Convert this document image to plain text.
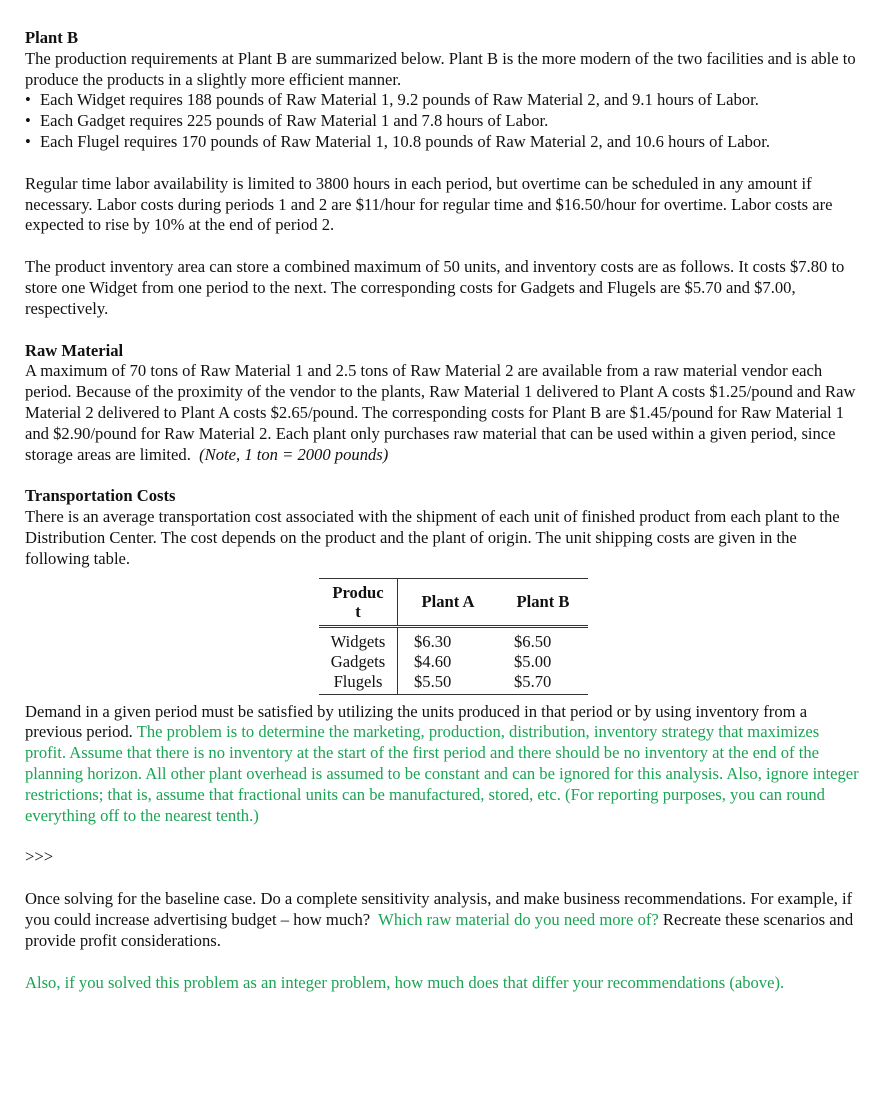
Plant B

The production requirements at Plant B are summarized below. Plant B is the more modern of the two facilities and is able to produce the products in a slightly more efficient manner.

• Each Widget requires 188 pounds of Raw Material 1, 9.2 pounds of Raw Material 2, and 9.1 hours of Labor.
• Each Gadget requires 225 pounds of Raw Material 1 and 7.8 hours of Labor.
• Each Flugel requires 170 pounds of Raw Material 1, 10.8 pounds of Raw Material 2, and 10.6 hours of Labor.

Regular time labor availability is limited to 3800 hours in each period, but overtime can be scheduled in any amount if necessary. Labor costs during periods 1 and 2 are $11/hour for regular time and $16.50/hour for overtime. Labor costs are expected to rise by 10% at the end of period 2.

The product inventory area can store a combined maximum of 50 units, and inventory costs are as follows. It costs $7.80 to store one Widget from one period to the next. The corresponding costs for Gadgets and Flugels are $5.70 and $7.00, respectively.

Raw Material

A maximum of 70 tons of Raw Material 1 and 2.5 tons of Raw Material 2 are available from a raw material vendor each period. Because of the proximity of the vendor to the plants, Raw Material 1 delivered to Plant A costs $1.25/pound and Raw Material 2 delivered to Plant A costs $2.65/pound. The corresponding costs for Plant B are $1.45/pound for Raw Material 1 and $2.90/pound for Raw Material 2. Each plant only purchases raw material that can be used within a given period, since storage areas are limited. (Note, 1 ton = 2000 pounds)

Transportation Costs

There is an average transportation cost associated with the shipment of each unit of finished product from each plant to the Distribution Center. The cost depends on the product and the plant of origin. The unit shipping costs are given in the following table.

Produc
t	Plant A	Plant B
Widgets	$6.30	$6.50
Gadgets	$4.60	$5.00
Flugels	$5.50	$5.70

Demand in a given period must be satisfied by utilizing the units produced in that period or by using inventory from a previous period. The problem is to determine the marketing, production, distribution, inventory strategy that maximizes profit. Assume that there is no inventory at the start of the first period and there should be no inventory at the end of the planning horizon. All other plant overhead is assumed to be constant and can be ignored for this analysis. Also, ignore integer restrictions; that is, assume that fractional units can be manufactured, stored, etc. (For reporting purposes, you can round everything off to the nearest tenth.)

>>>

Once solving for the baseline case. Do a complete sensitivity analysis, and make business recommendations. For example, if you could increase advertising budget – how much? Which raw material do you need more of? Recreate these scenarios and provide profit considerations.

Also, if you solved this problem as an integer problem, how much does that differ your recommendations (above).
